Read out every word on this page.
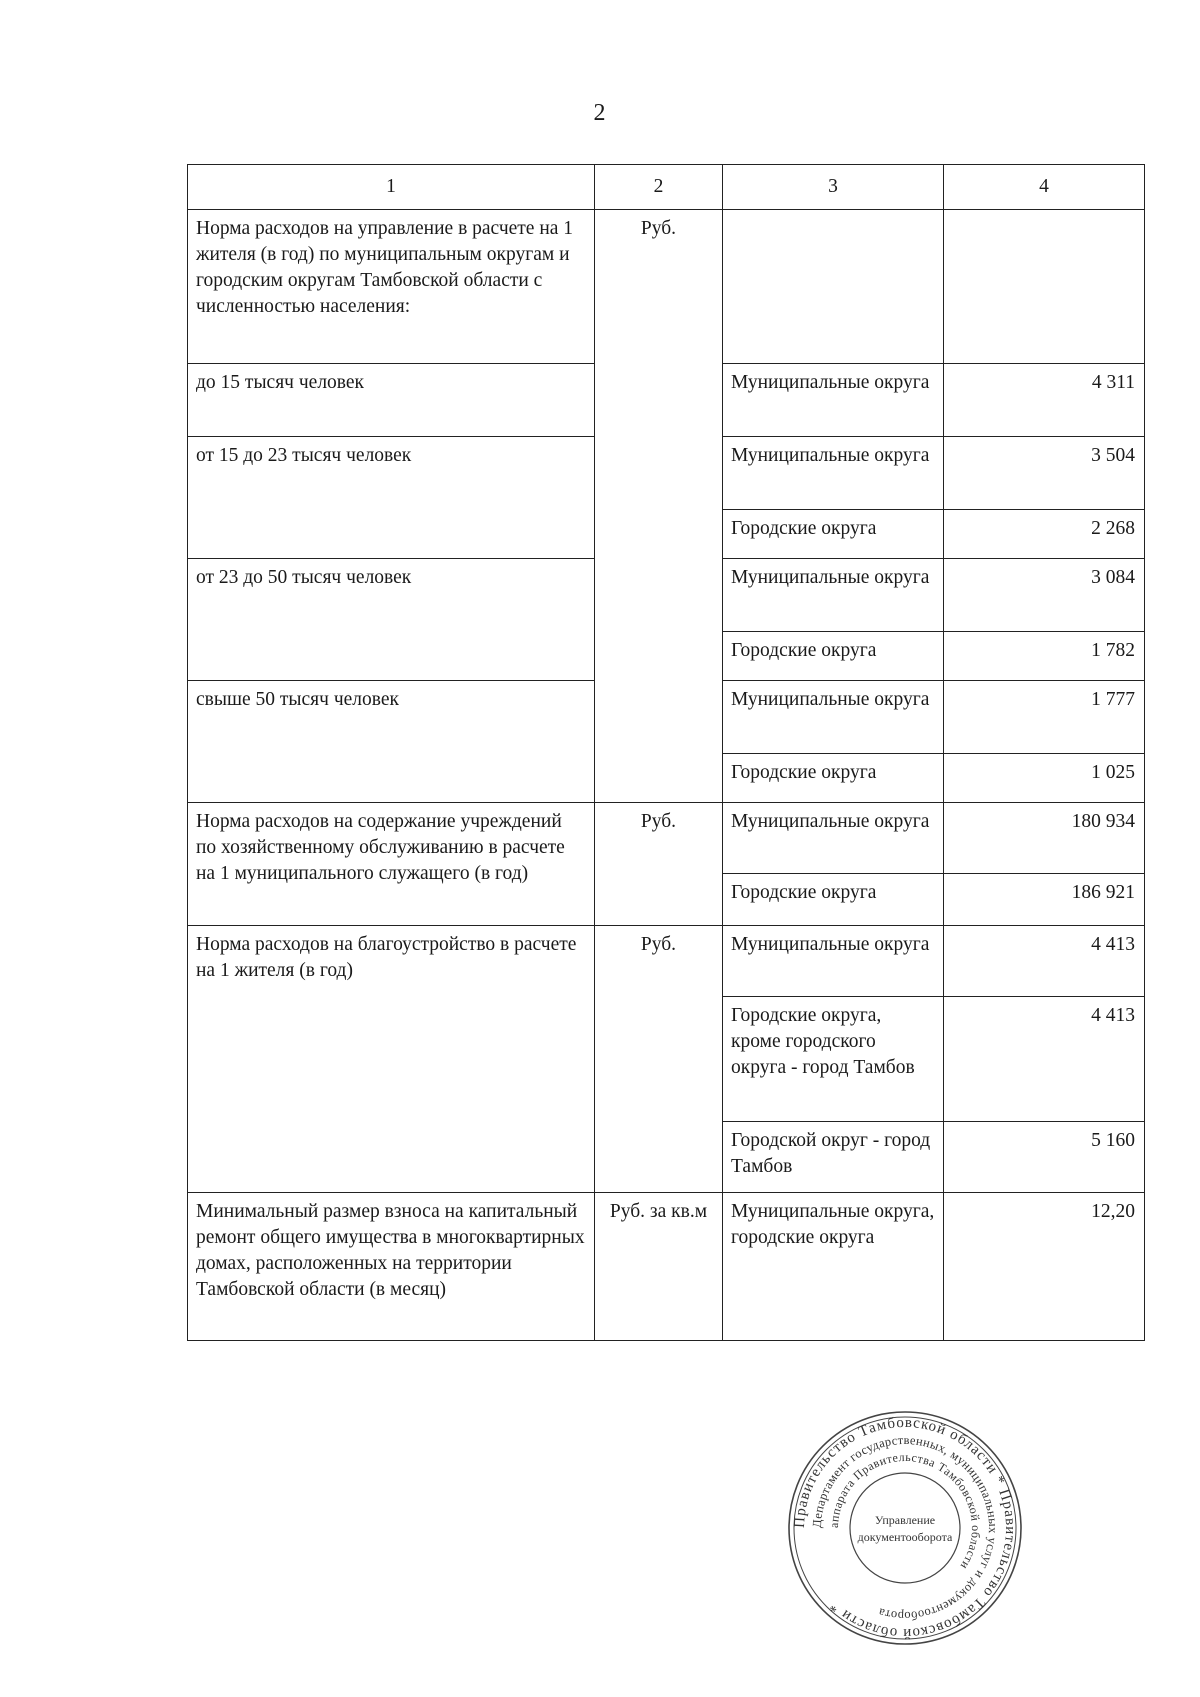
2
1	2	3	4
Норма расходов на управление в расчете на 1 жителя (в год) по муниципальным округам и городским округам Тамбовской области с численностью населения:	Руб.		
до 15 тысяч человек		Муниципальные округа	4 311
от 15 до 23 тысяч человек		Муниципальные округа	3 504
		Городские округа	2 268
от 23 до 50 тысяч человек		Муниципальные округа	3 084
		Городские округа	1 782
свыше 50 тысяч человек		Муниципальные округа	1 777
		Городские округа	1 025
Норма расходов на содержание учреждений по хозяйственному обслуживанию в расчете на 1 муниципального служащего (в год)	Руб.	Муниципальные округа	180 934
		Городские округа	186 921
Норма расходов на благоустройство в расчете на 1 жителя (в год)	Руб.	Муниципальные округа	4 413
		Городские округа, кроме городского округа - город Тамбов	4 413
		Городской округ - город Тамбов	5 160
Минимальный размер взноса на капитальный ремонт общего имущества в многоквартирных домах, расположенных на территории Тамбовской области (в месяц)	Руб. за кв.м	Муниципальные округа, городские округа	12,20
Правительство Тамбовской области * Правительство Тамбовской области *
Департамент государственных, муниципальных услуг и документооборота
аппарата Правительства Тамбовской области
Управление
документооборота
